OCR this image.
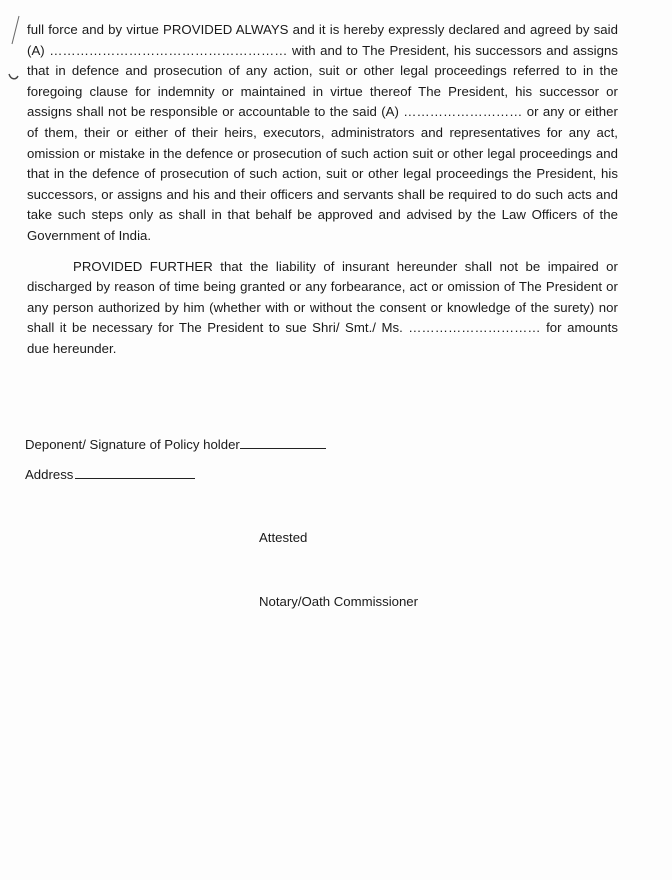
full force and by virtue PROVIDED ALWAYS and it is hereby expressly declared and agreed by said (A) ……………………………………………… with and to The President, his successors and assigns that in defence and prosecution of any action, suit or other legal proceedings referred to in the foregoing clause for indemnity or maintained in virtue thereof The President, his successor or assigns shall not be responsible or accountable to the said (A) ……………………… or any or either of them, their or either of their heirs, executors, administrators and representatives for any act, omission or mistake in the defence or prosecution of such action suit or other legal proceedings and that in the defence of prosecution of such action, suit or other legal proceedings the President, his successors, or assigns and his and their officers and servants shall be required to do such acts and take such steps only as shall in that behalf be approved and advised by the Law Officers of the Government of India.

PROVIDED FURTHER that the liability of insurant hereunder shall not be impaired or discharged by reason of time being granted or any forbearance, act or omission of The President or any person authorized by him (whether with or without the consent or knowledge of the surety) nor shall it be necessary for The President to sue Shri/ Smt./ Ms. ………………………… for amounts due hereunder.

Deponent/ Signature of Policy holder
Address
Attested
Notary/Oath Commissioner
